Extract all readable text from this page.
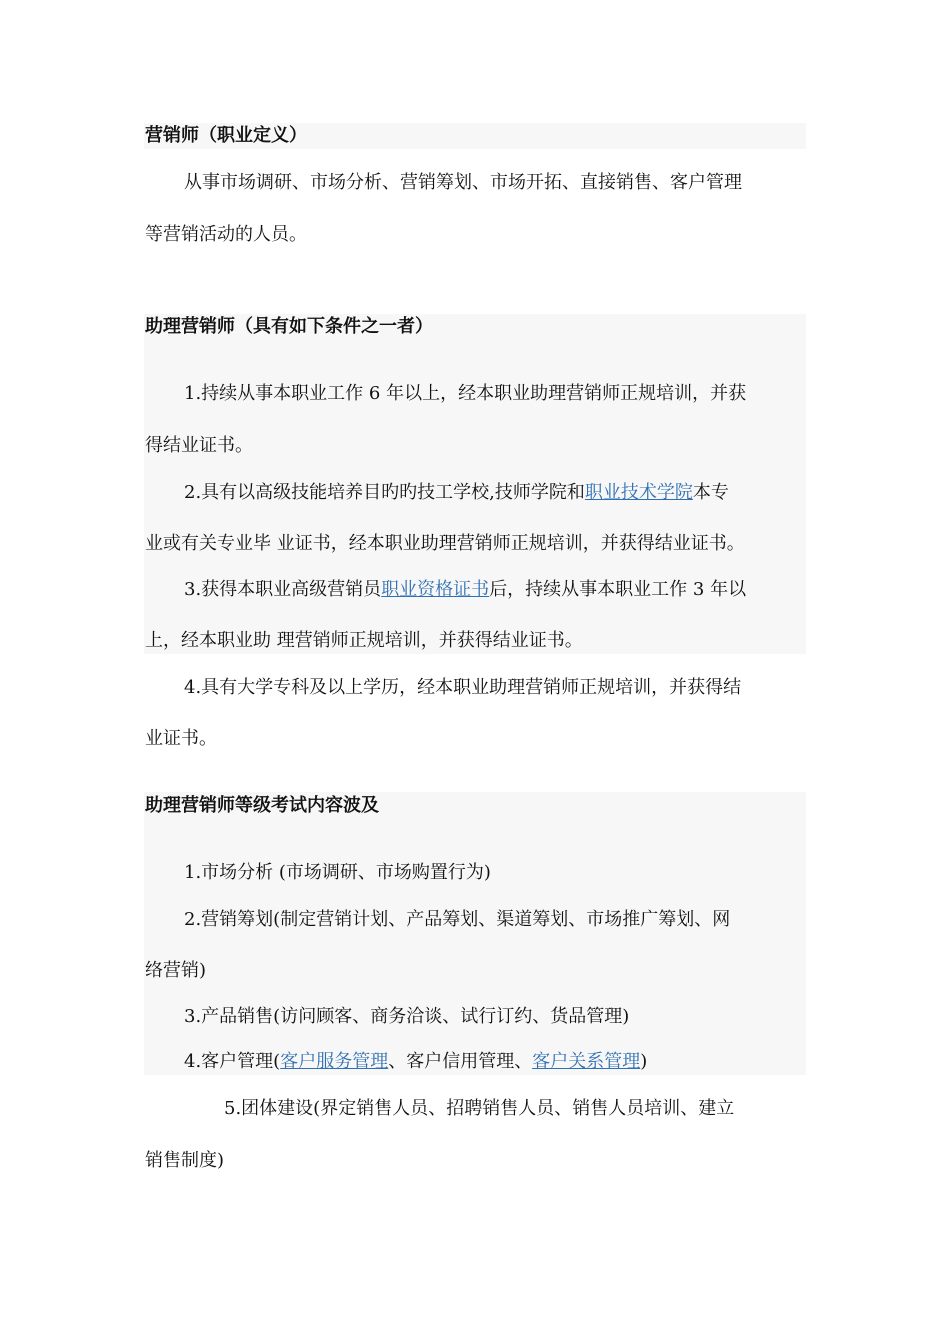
营销师（职业定义）
从事市场调研、市场分析、营销筹划、市场开拓、直接销售、客户管理
等营销活动的人员。
助理营销师（具有如下条件之一者）
1.持续从事本职业工作 6 年以上，经本职业助理营销师正规培训，并获
得结业证书。
2.具有以高级技能培养目旳旳技工学校,技师学院和职业技术学院本专
业或有关专业毕 业证书，经本职业助理营销师正规培训，并获得结业证书。
3.获得本职业高级营销员职业资格证书后，持续从事本职业工作 3 年以
上，经本职业助 理营销师正规培训，并获得结业证书。
4.具有大学专科及以上学历，经本职业助理营销师正规培训，并获得结
业证书。
助理营销师等级考试内容波及
1.市场分析 (市场调研、市场购置行为)
2.营销筹划(制定营销计划、产品筹划、渠道筹划、市场推广筹划、网
络营销)
3.产品销售(访问顾客、商务洽谈、试行订约、货品管理)
4.客户管理(客户服务管理、客户信用管理、客户关系管理)
5.团体建设(界定销售人员、招聘销售人员、销售人员培训、建立
销售制度)
